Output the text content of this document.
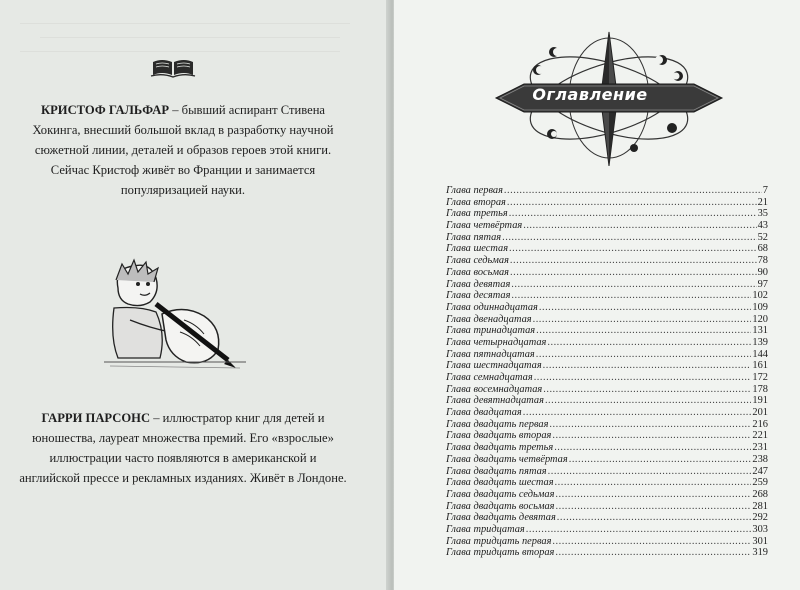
КРИСТОФ ГАЛЬФАР – бывший аспирант Стивена Хокинга, внесший большой вклад в разработку научной сюжетной линии, деталей и образов героев этой книги. Сейчас Кристоф живёт во Франции и занимается популяризацией науки.
ГАРРИ ПАРСОНС – иллюстратор книг для детей и юношества, лауреат множества премий. Его «взрослые» иллюстрации часто появляются в американской и английской прессе и рекламных изданиях. Живёт в Лондоне.
Оглавление
Глава первая .....	7
Глава вторая .....	21
Глава третья .....	35
Глава четвёртая .....	43
Глава пятая .....	52
Глава шестая .....	68
Глава седьмая .....	78
Глава восьмая .....	90
Глава девятая .....	97
Глава десятая .....	102
Глава одиннадцатая .....	109
Глава двенадцатая .....	120
Глава тринадцатая .....	131
Глава четырнадцатая .....	139
Глава пятнадцатая .....	144
Глава шестнадцатая .....	161
Глава семнадцатая .....	172
Глава восемнадцатая .....	178
Глава девятнадцатая .....	191
Глава двадцатая .....	201
Глава двадцать первая .....	216
Глава двадцать вторая .....	221
Глава двадцать третья .....	231
Глава двадцать четвёртая .....	238
Глава двадцать пятая .....	247
Глава двадцать шестая .....	259
Глава двадцать седьмая .....	268
Глава двадцать восьмая .....	281
Глава двадцать девятая .....	292
Глава тридцатая .....	303
Глава тридцать первая .....	301
Глава тридцать вторая .....	319
